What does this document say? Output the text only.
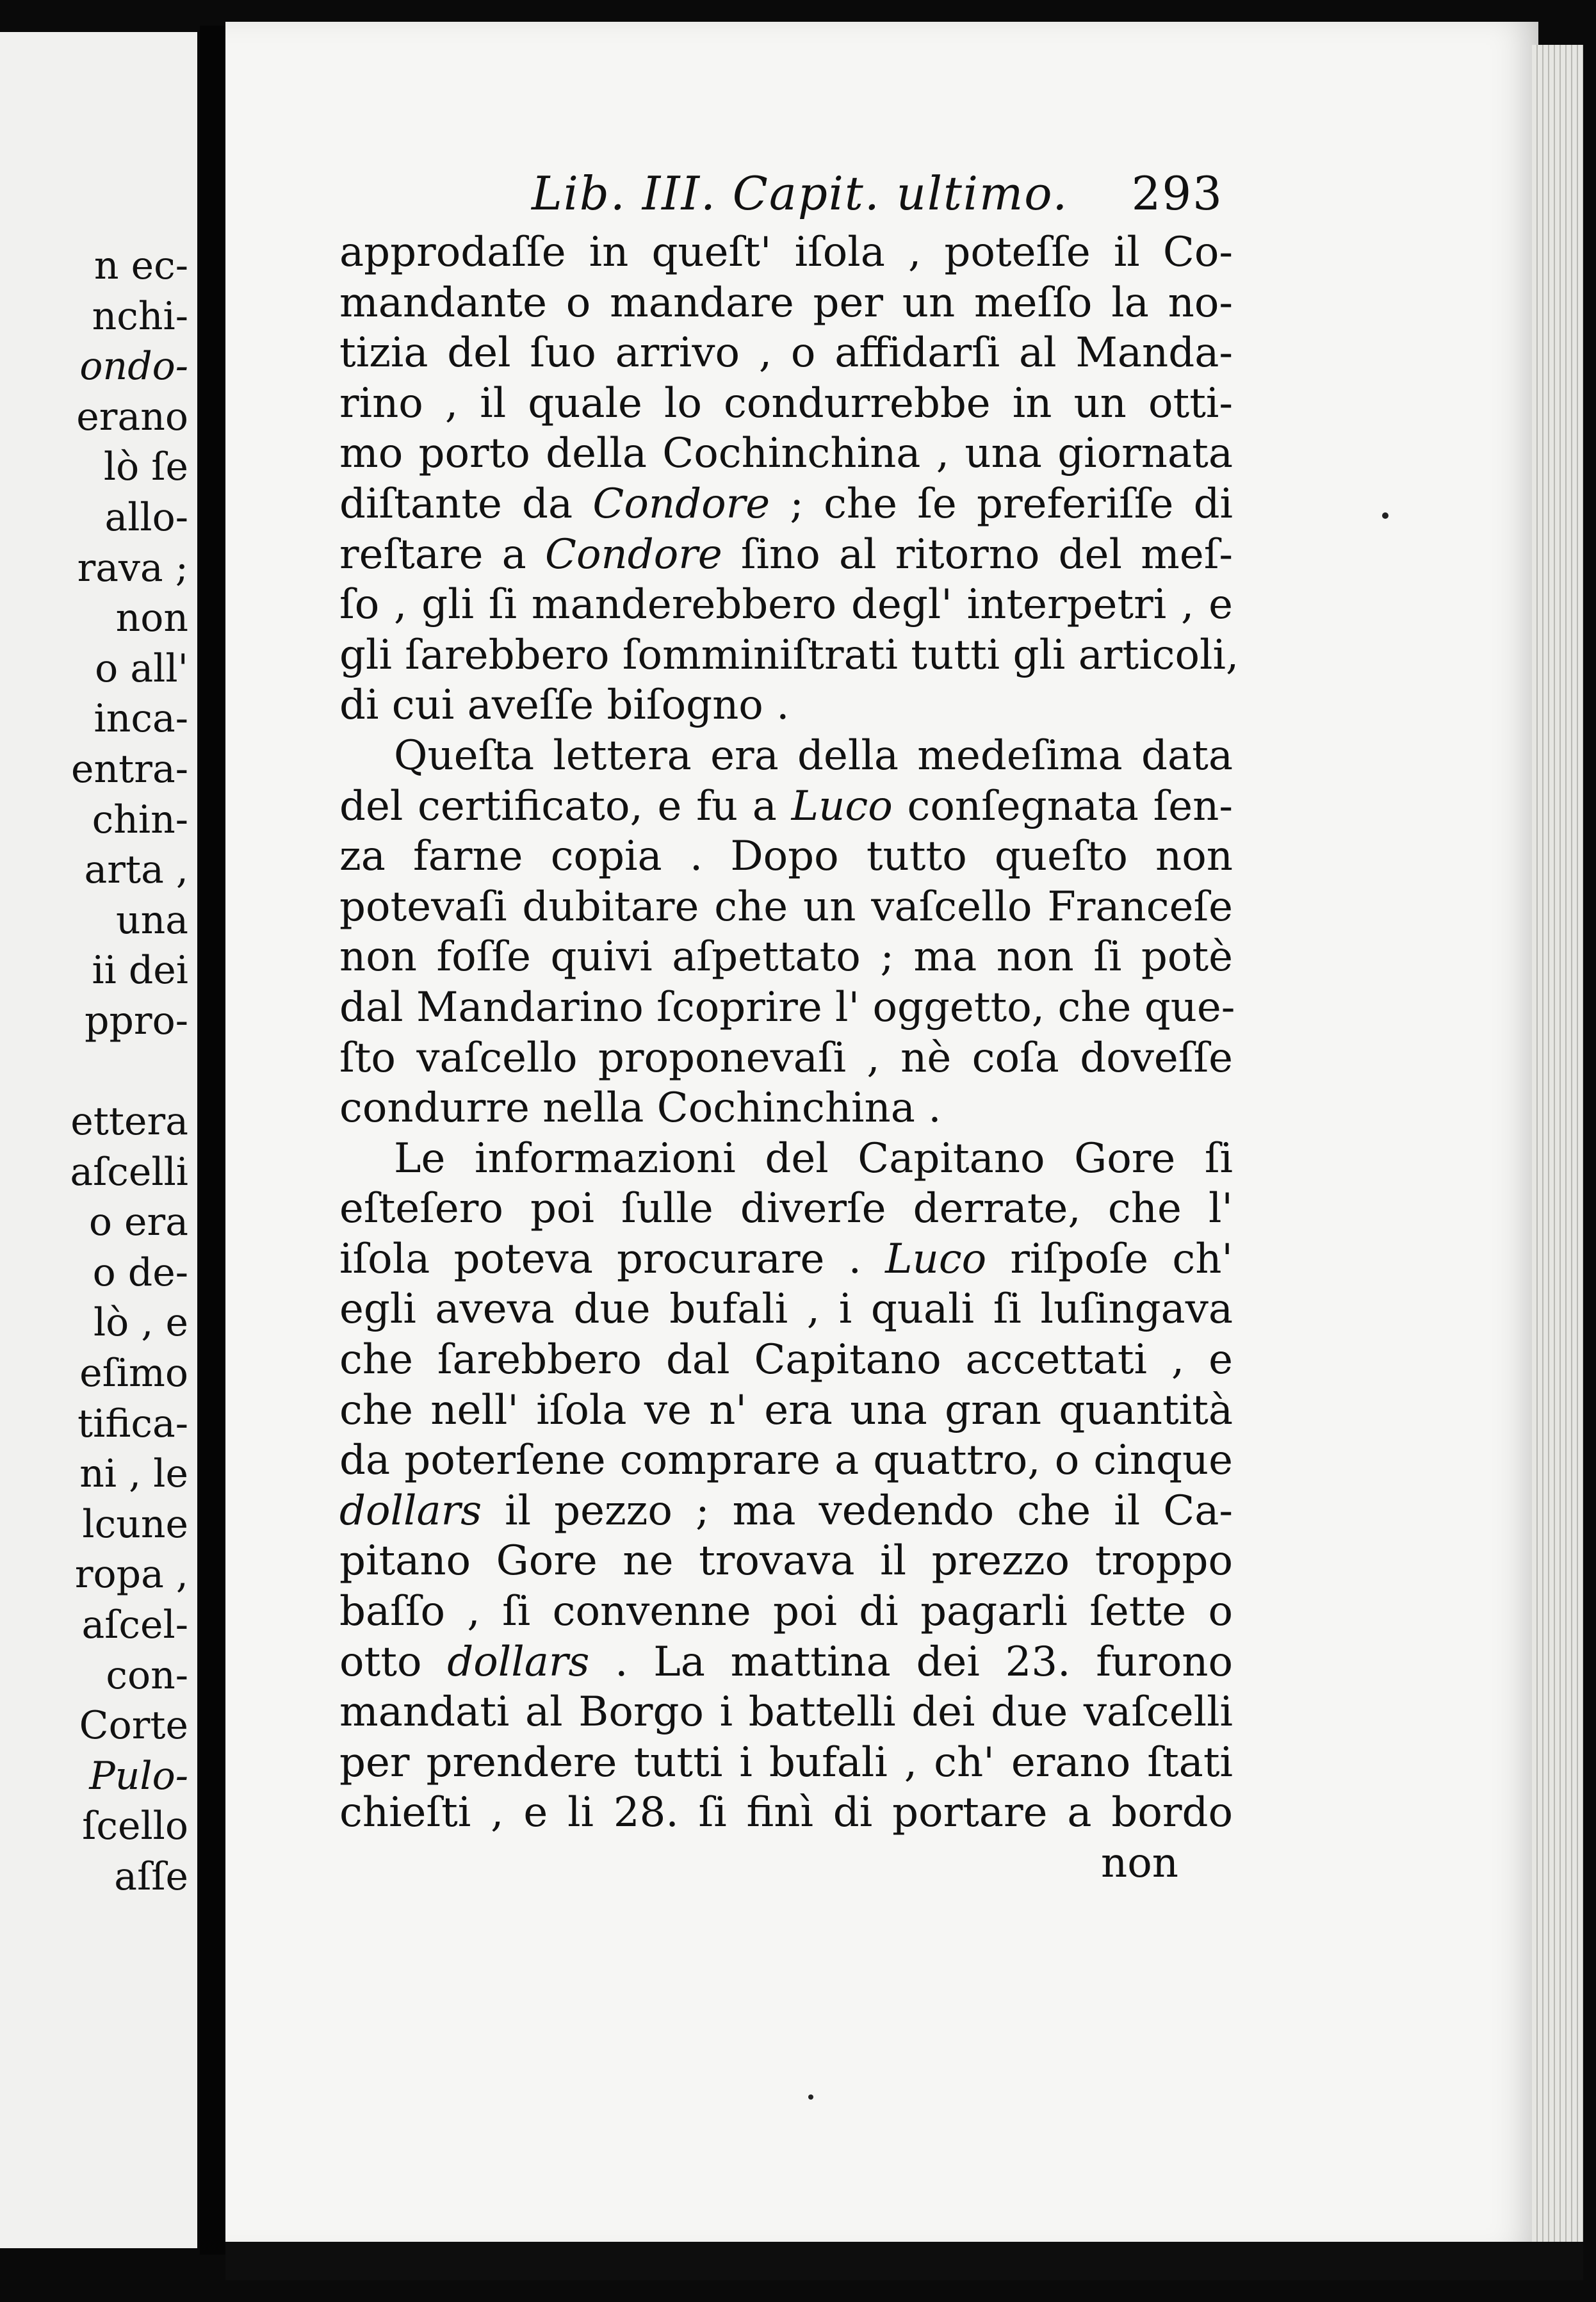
n ec-
nchi-
ondo-
erano
lò ſe
allo-
rava ;
non
o all'
inca-
entra-
chin-
arta ,
una
ii dei
ppro-
ettera
aſcelli
o era
o de-
lò , e
eſimo
tifica-
ni , le
lcune
ropa ,
aſcel-
con-
Corte
Pulo-
ſcello
aſſe
Lib. III. Capit. ultimo. 293
approdaſſe in queſt' iſola , poteſſe il Co-
mandante o mandare per un meſſo la no-
tizia del ſuo arrivo , o affidarſi al Manda-
rino , il quale lo condurrebbe in un otti-
mo porto della Cochinchina , una giornata
diſtante da Condore ; che ſe preferiſſe di
reſtare a Condore ſino al ritorno del meſ-
ſo , gli ſi manderebbero degl' interpetri , e
gli ſarebbero ſomminiſtrati tutti gli articoli,
di cui aveſſe biſogno .
Queſta lettera era della medeſima data
del certificato, e fu a Luco conſegnata ſen-
za farne copia . Dopo tutto queſto non
potevaſi dubitare che un vaſcello Franceſe
non foſſe quivi aſpettato ; ma non ſi potè
dal Mandarino ſcoprire l' oggetto, che que-
ſto vaſcello proponevaſi , nè coſa doveſſe
condurre nella Cochinchina .
Le informazioni del Capitano Gore ſi
eſteſero poi ſulle diverſe derrate, che l'
iſola poteva procurare . Luco riſpoſe ch'
egli aveva due bufali , i quali ſi luſingava
che ſarebbero dal Capitano accettati , e
che nell' iſola ve n' era una gran quantità
da poterſene comprare a quattro, o cinque
dollars il pezzo ; ma vedendo che il Ca-
pitano Gore ne trovava il prezzo troppo
baſſo , ſi convenne poi di pagarli ſette o
otto dollars . La mattina dei 23. furono
mandati al Borgo i battelli dei due vaſcelli
per prendere tutti i bufali , ch' erano ſtati
chieſti , e li 28. ſi finì di portare a bordo
non
